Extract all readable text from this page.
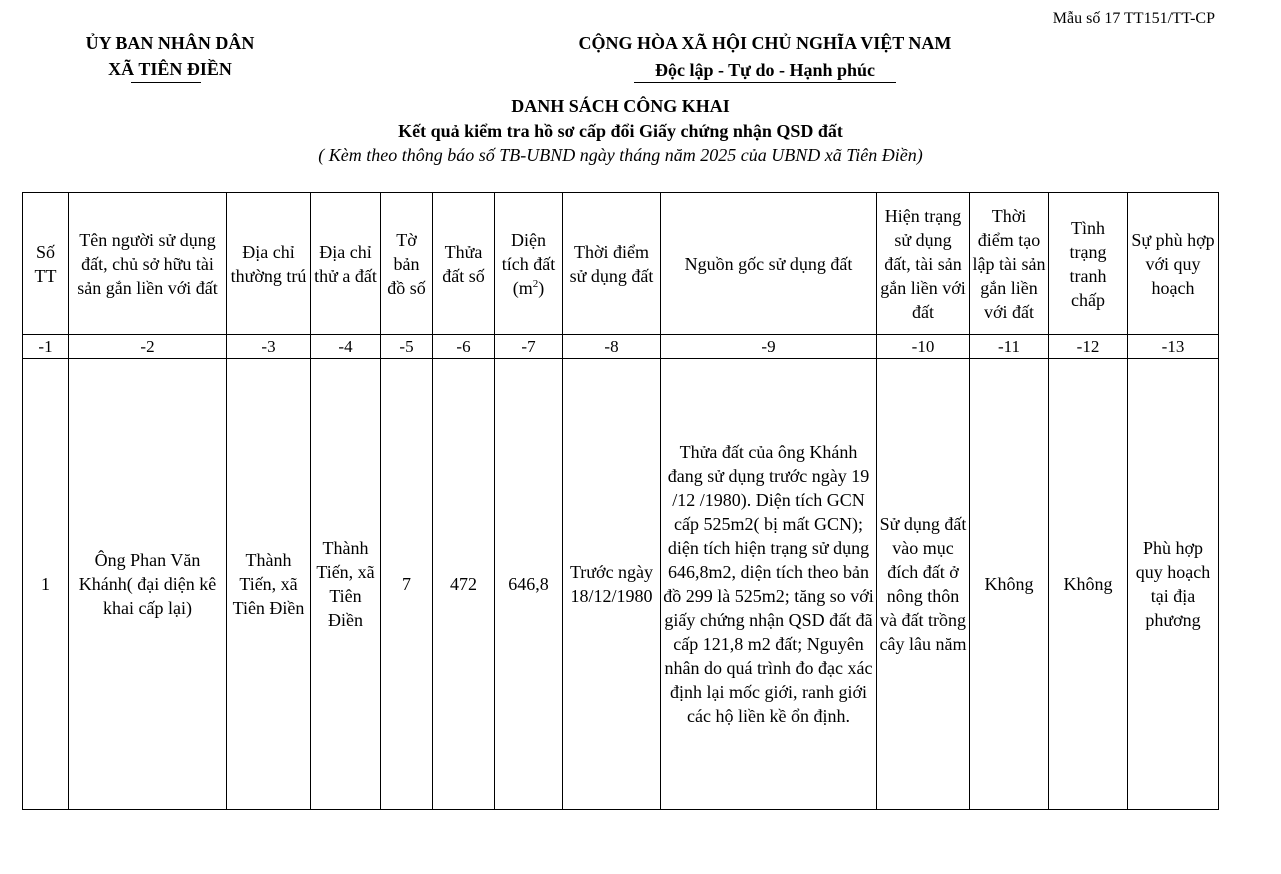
Mẫu số 17 TT151/TT-CP
ỦY BAN NHÂN DÂN
XÃ TIÊN ĐIỀN
CỘNG HÒA XÃ HỘI CHỦ NGHĨA VIỆT NAM
Độc lập - Tự do - Hạnh phúc
DANH SÁCH CÔNG KHAI
Kết quả kiểm tra hồ sơ cấp đổi Giấy chứng nhận QSD đất
( Kèm theo thông báo số TB-UBND ngày tháng năm 2025 của UBND xã Tiên Điền)
Số TT	Tên người sử dụng đất, chủ sở hữu tài sản gắn liền với đất	Địa chỉ thường trú	Địa chỉ thử a đất	Tờ bản đồ số	Thửa đất số	Diện tích đất $(m^2)$	Thời điểm sử dụng đất	Nguồn gốc sử dụng đất	Hiện trạng sử dụng đất, tài sản gắn liền với đất	Thời điểm tạo lập tài sản gắn liền với đất	Tình trạng tranh chấp	Sự phù hợp với quy hoạch
-1	-2	-3	-4	-5	-6	-7	-8	-9	-10	-11	-12	-13
1	Ông Phan Văn Khánh( đại diện kê khai cấp lại)	Thành Tiến, xã Tiên Điền	Thành Tiến, xã Tiên Điền	7	472	646,8	Trước ngày 18/12/1980	Thửa đất của ông Khánh đang sử dụng trước ngày 19 /12 /1980). Diện tích GCN cấp 525m2( bị mất GCN); diện tích hiện trạng sử dụng 646,8m2, diện tích theo bản đồ 299 là 525m2; tăng so với giấy chứng nhận QSD đất đã cấp 121,8 m2 đất; Nguyên nhân do quá trình đo đạc xác định lại mốc giới, ranh giới các hộ liền kề ổn định.	Sử dụng đất vào mục đích đất ở nông thôn và đất trồng cây lâu năm	Không	Không	Phù hợp quy hoạch tại địa phương
